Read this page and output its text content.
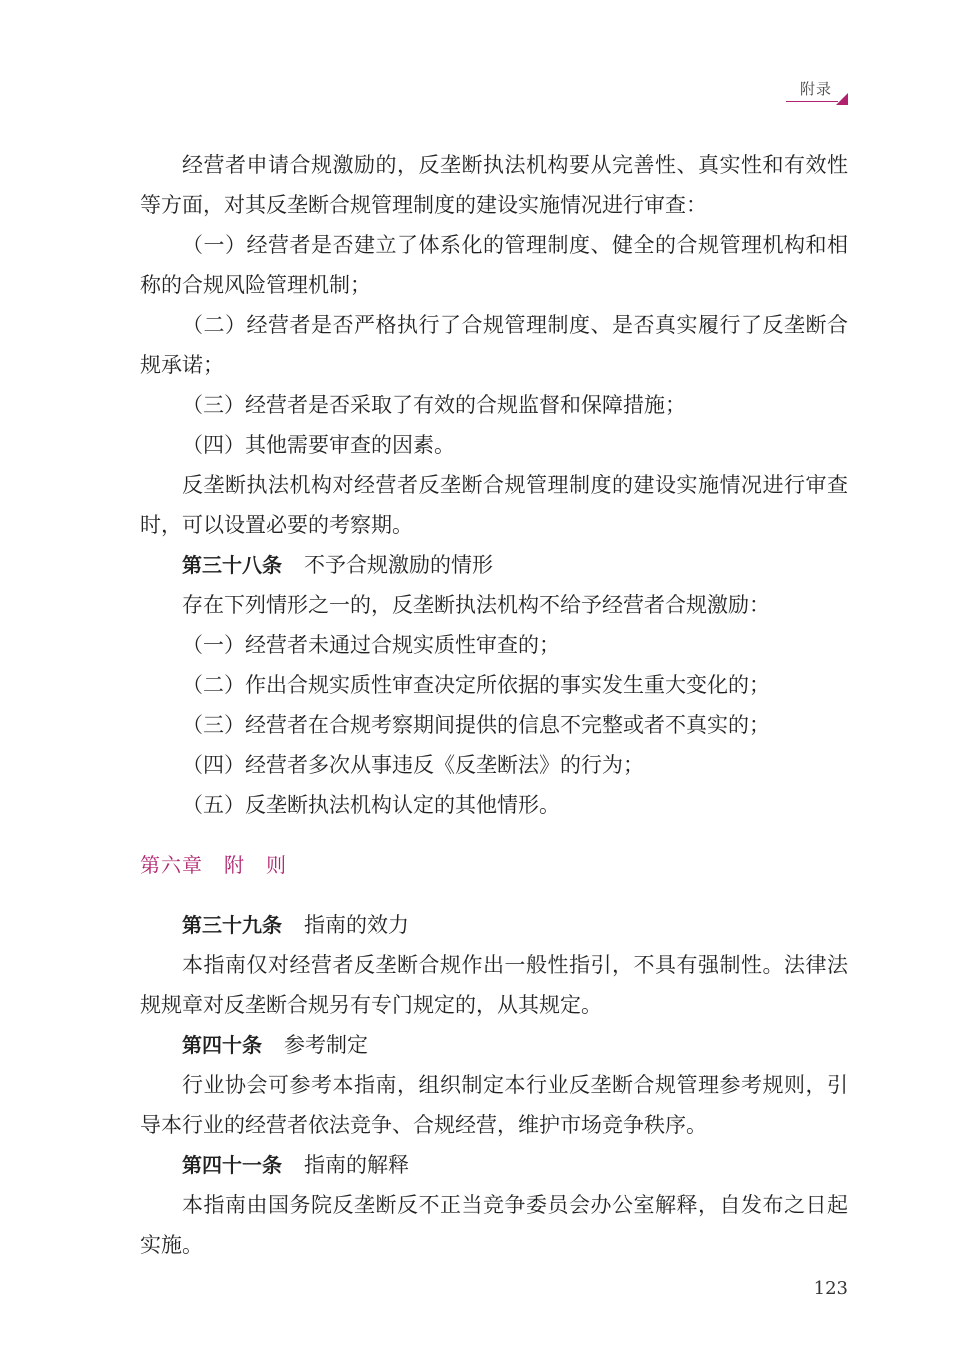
附录

经营者申请合规激励的，反垄断执法机构要从完善性、真实性和有效性等方面，对其反垄断合规管理制度的建设实施情况进行审查：

（一）经营者是否建立了体系化的管理制度、健全的合规管理机构和相称的合规风险管理机制；

（二）经营者是否严格执行了合规管理制度、是否真实履行了反垄断合规承诺；

（三）经营者是否采取了有效的合规监督和保障措施；

（四）其他需要审查的因素。

反垄断执法机构对经营者反垄断合规管理制度的建设实施情况进行审查时，可以设置必要的考察期。

第三十八条 不予合规激励的情形

存在下列情形之一的，反垄断执法机构不给予经营者合规激励：

（一）经营者未通过合规实质性审查的；

（二）作出合规实质性审查决定所依据的事实发生重大变化的；

（三）经营者在合规考察期间提供的信息不完整或者不真实的；

（四）经营者多次从事违反《反垄断法》的行为；

（五）反垄断执法机构认定的其他情形。

第六章　附　则

第三十九条 指南的效力

本指南仅对经营者反垄断合规作出一般性指引，不具有强制性。法律法规规章对反垄断合规另有专门规定的，从其规定。

第四十条 参考制定

行业协会可参考本指南，组织制定本行业反垄断合规管理参考规则，引导本行业的经营者依法竞争、合规经营，维护市场竞争秩序。

第四十一条 指南的解释

本指南由国务院反垄断反不正当竞争委员会办公室解释，自发布之日起实施。

123
